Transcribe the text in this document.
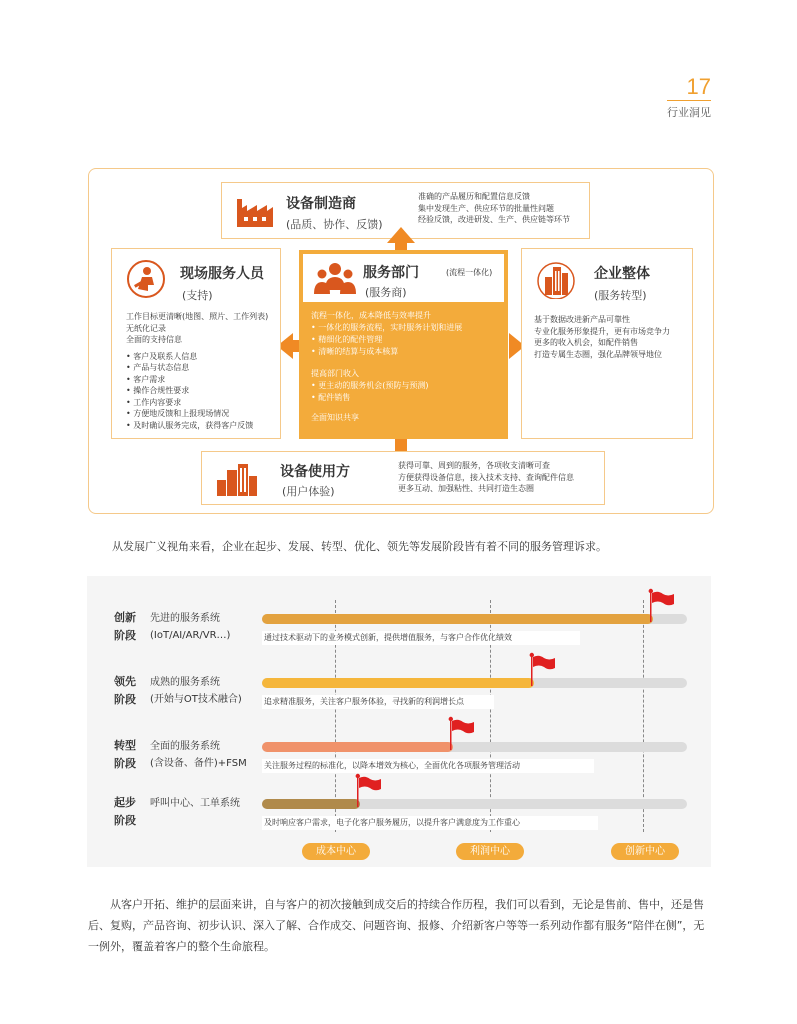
17
行业洞见
设备制造商
(品质、协作、反馈)
准确的产品履历和配置信息反馈
集中发现生产、供应环节的批量性问题
经验反馈，改进研发、生产、供应链等环节
现场服务人员
(支持)
工作目标更清晰(地图、照片、工作列表)
无纸化记录
全面的支持信息
• 客户及联系人信息
• 产品与状态信息
• 客户需求
• 操作合规性要求
• 工作内容要求
• 方便地反馈和上报现场情况
• 及时确认服务完成，获得客户反馈
服务部门	(流程一体化)
(服务商)
流程一体化，成本降低与效率提升
• 一体化的服务流程，实时服务计划和进展
• 精细化的配件管理
• 清晰的结算与成本核算
提高部门收入
• 更主动的服务机会(预防与预测)
• 配件销售
全面知识共享
企业整体
(服务转型)
基于数据改进新产品可靠性
专业化服务形象提升，更有市场竞争力
更多的收入机会，如配件销售
打造专属生态圈，强化品牌领导地位
设备使用方
(用户体验)
获得可靠、周到的服务，各项收支清晰可查
方便获得设备信息，接入技术支持、查询配件信息
更多互动、加强粘性、共同打造生态圈
从发展广义视角来看，企业在起步、发展、转型、优化、领先等发展阶段皆有着不同的服务管理诉求。
创新
阶段
先进的服务系统
(IoT/AI/AR/VR…)	通过技术驱动下的业务模式创新，提供增值服务，与客户合作优化绩效
领先
阶段
成熟的服务系统
(开始与OT技术融合)	追求精准服务，关注客户服务体验，寻找新的利润增长点
转型
阶段
全面的服务系统
(含设备、备件)+FSM 关注服务过程的标准化，以降本增效为核心，全面优化各项服务管理活动
起步
阶段
呼叫中心、工单系统
及时响应客户需求，电子化客户服务履历，以提升客户满意度为工作重心
成本中心	利润中心	创新中心
从客户开拓、维护的层面来讲，自与客户的初次接触到成交后的持续合作历程，我们可以看到，无论是售前、售中，还是售后、复购，产品咨询、初步认识、深入了解、合作成交、问题咨询、报修、介绍新客户等等一系列动作都有服务“陪伴在侧”，无一例外，覆盖着客户的整个生命旅程。
